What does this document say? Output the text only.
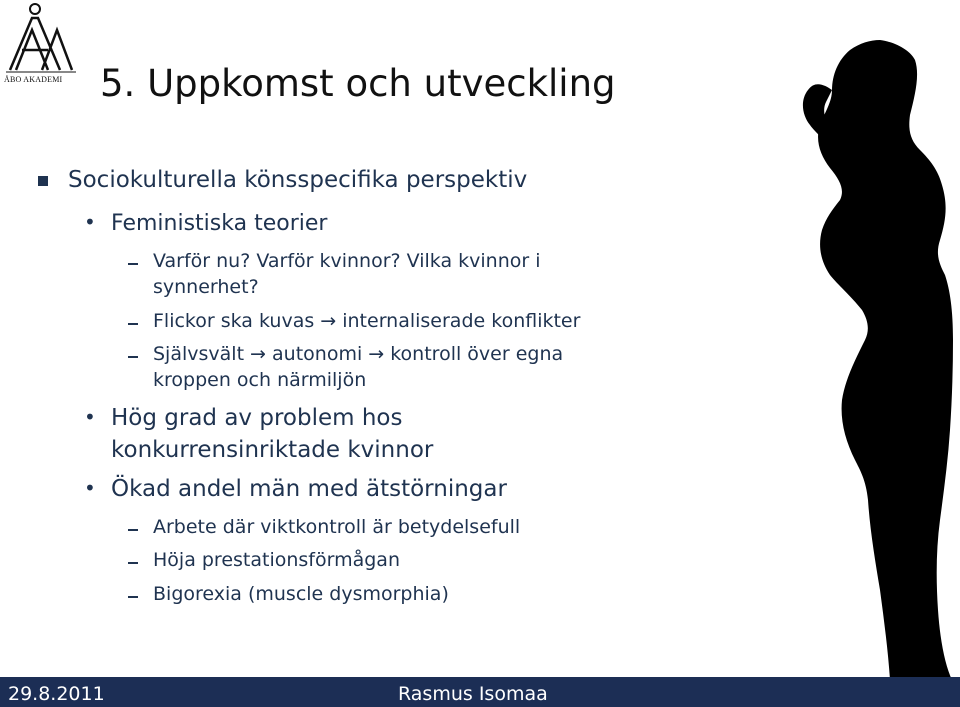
ÅBO AKADEMI 5. Uppkomst och utveckling
Sociokulturella könsspecifika perspektiv
• Feministiska teorier
Varför nu? Varför kvinnor? Vilka kvinnor i
synnerhet?
Flickor ska kuvas → internaliserade konflikter
Självsvält → autonomi → kontroll över egna
kroppen och närmiljön
• Hög grad av problem hos
konkurrensinriktade kvinnor
• Ökad andel män med ätstörningar
Arbete där viktkontroll är betydelsefull
Höja prestationsförmågan
Bigorexia (muscle dysmorphia)
29.8.2011	Rasmus Isomaa
